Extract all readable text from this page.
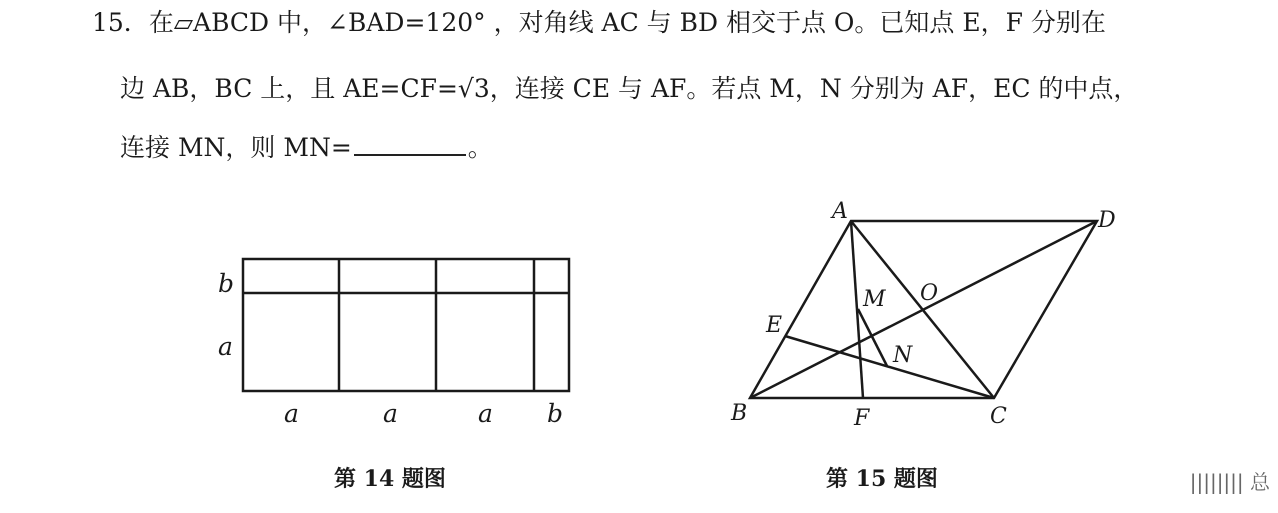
15．在▱ABCD 中，∠BAD=120° ，对角线 AC 与 BD 相交于点 O。已知点 E，F 分别在
边 AB，BC 上，且 AE=CF=√3，连接 CE 与 AF。若点 M，N 分别为 AF，EC 的中点，
连接 MN，则 MN=	。
b
a
a	a	a b
A	D
B	C
O
E
F
M
N
第 14 题图	第 15 题图	|||||||| 总
